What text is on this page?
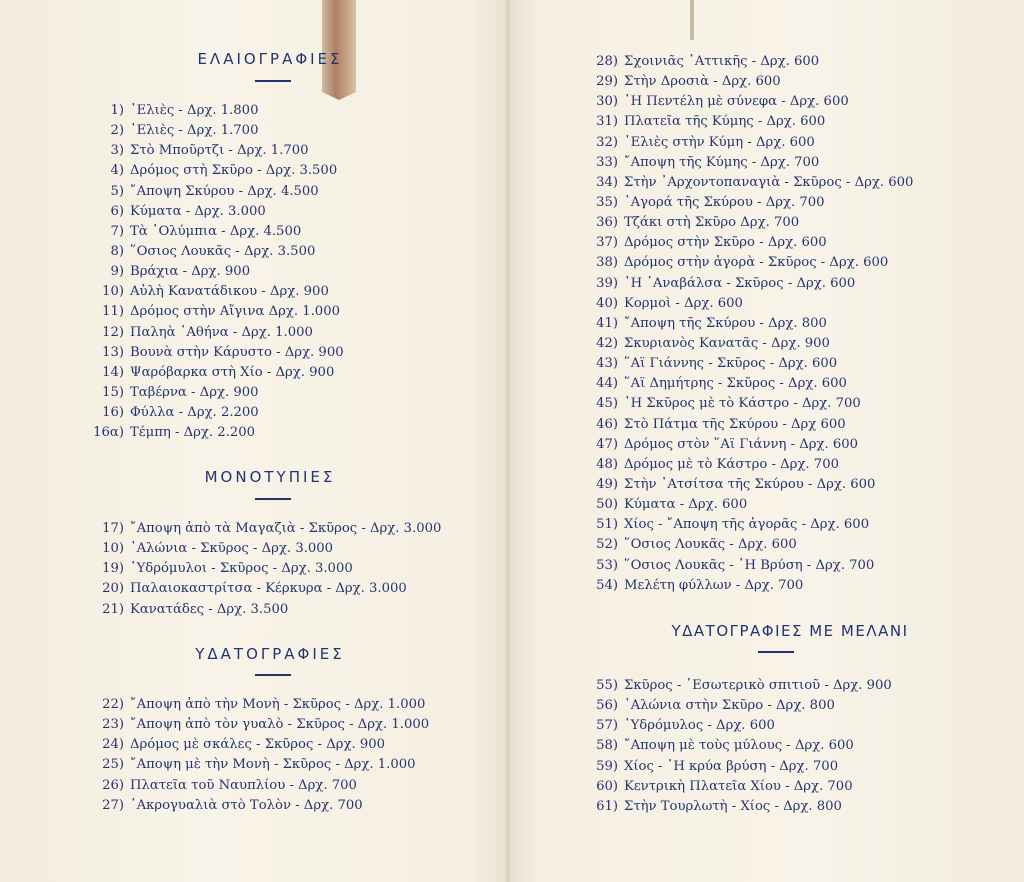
ΕΛΑΙΟΓΡΑΦΙΕΣ
1) ᾿Ελιὲς - Δρχ. 1.800
2) ᾿Ελιὲς - Δρχ. 1.700
3) Στὸ Μποῦρτζι - Δρχ. 1.700
4) Δρόμος στὴ Σκῦρο - Δρχ. 3.500
5) ῎Αποψη Σκύρου - Δρχ. 4.500
6) Κύματα - Δρχ. 3.000
7) Τὰ ᾿Ολύμπια - Δρχ. 4.500
8) ῞Οσιος Λουκᾶς - Δρχ. 3.500
9) Βράχια - Δρχ. 900
10) Αὐλὴ Κανατάδικου - Δρχ. 900
11) Δρόμος στὴν Αἴγινα Δρχ. 1.000
12) Παληὰ ᾿Αθήνα - Δρχ. 1.000
13) Βουνὰ στὴν Κάρυστο - Δρχ. 900
14) Ψαρόβαρκα στὴ Χίο - Δρχ. 900
15) Ταβέρνα - Δρχ. 900
16) Φύλλα - Δρχ. 2.200
16α) Τέμπη - Δρχ. 2.200
ΜΟΝΟΤΥΠΙΕΣ
17) ῎Αποψη ἀπὸ τὰ Μαγαζιὰ - Σκῦρος - Δρχ. 3.000
10) ᾿Αλώνια - Σκῦρος - Δρχ. 3.000
19) ῾Υδρόμυλοι - Σκῦρος - Δρχ. 3.000
20) Παλαιοκαστρίτσα - Κέρκυρα - Δρχ. 3.000
21) Κανατάδες - Δρχ. 3.500
ΥΔΑΤΟΓΡΑΦΙΕΣ
22) ῎Αποψη ἀπὸ τὴν Μονὴ - Σκῦρος - Δρχ. 1.000
23) ῎Αποψη ἀπὸ τὸν γυαλὸ - Σκῦρος - Δρχ. 1.000
24) Δρόμος μὲ σκάλες - Σκῦρος - Δρχ. 900
25) ῎Αποψη μὲ τὴν Μονὴ - Σκῦρος - Δρχ. 1.000
26) Πλατεῖα τοῦ Ναυπλίου - Δρχ. 700
27) ᾿Ακρογυαλιὰ στὸ Τολὸν - Δρχ. 700
28) Σχοινιᾶς ᾿Αττικῆς - Δρχ. 600
29) Στὴν Δροσιὰ - Δρχ. 600
30) ῾Η Πεντέλη μὲ σύνεφα - Δρχ. 600
31) Πλατεῖα τῆς Κύμης - Δρχ. 600
32) ᾿Ελιὲς στὴν Κύμη - Δρχ. 600
33) ῎Αποψη τῆς Κύμης - Δρχ. 700
34) Στὴν ᾿Αρχοντοπαναγιὰ - Σκῦρος - Δρχ. 600
35) ᾿Αγορά τῆς Σκύρου - Δρχ. 700
36) Τζάκι στὴ Σκῦρο Δρχ. 700
37) Δρόμος στὴν Σκῦρο - Δρχ. 600
38) Δρόμος στὴν ἀγορὰ - Σκῦρος - Δρχ. 600
39) ῾Η ᾿Αναβάλσα - Σκῦρος - Δρχ. 600
40) Κορμοὶ - Δρχ. 600
41) ῎Αποψη τῆς Σκύρου - Δρχ. 800
42) Σκυριανὸς Κανατᾶς - Δρχ. 900
43) ῞Αϊ Γιάννης - Σκῦρος - Δρχ. 600
44) ῞Αϊ Δημήτρης - Σκῦρος - Δρχ. 600
45) ῾Η Σκῦρος μὲ τὸ Κάστρο - Δρχ. 700
46) Στὸ Πάτμα τῆς Σκύρου - Δρχ 600
47) Δρόμος στὸν ῞Αϊ Γιάννη - Δρχ. 600
48) Δρόμος μὲ τὸ Κάστρο - Δρχ. 700
49) Στὴν ᾿Ατσίτσα τῆς Σκύρου - Δρχ. 600
50) Κύματα - Δρχ. 600
51) Χίος - ῎Αποψη τῆς ἀγορᾶς - Δρχ. 600
52) ῞Οσιος Λουκᾶς - Δρχ. 600
53) ῞Οσιος Λουκᾶς - ῾Η Βρύση - Δρχ. 700
54) Μελέτη φύλλων - Δρχ. 700
ΥΔΑΤΟΓΡΑΦΙΕΣ ΜΕ ΜΕΛΑΝΙ
55) Σκῦρος - ᾿Εσωτερικὸ σπιτιοῦ - Δρχ. 900
56) ᾿Αλώνια στὴν Σκῦρο - Δρχ. 800
57) ῾Υδρόμυλος - Δρχ. 600
58) ῎Αποψη μὲ τοὺς μύλους - Δρχ. 600
59) Χίος - ῾Η κρύα βρύση - Δρχ. 700
60) Κεντρικὴ Πλατεῖα Χίου - Δρχ. 700
61) Στὴν Τουρλωτὴ - Χίος - Δρχ. 800
